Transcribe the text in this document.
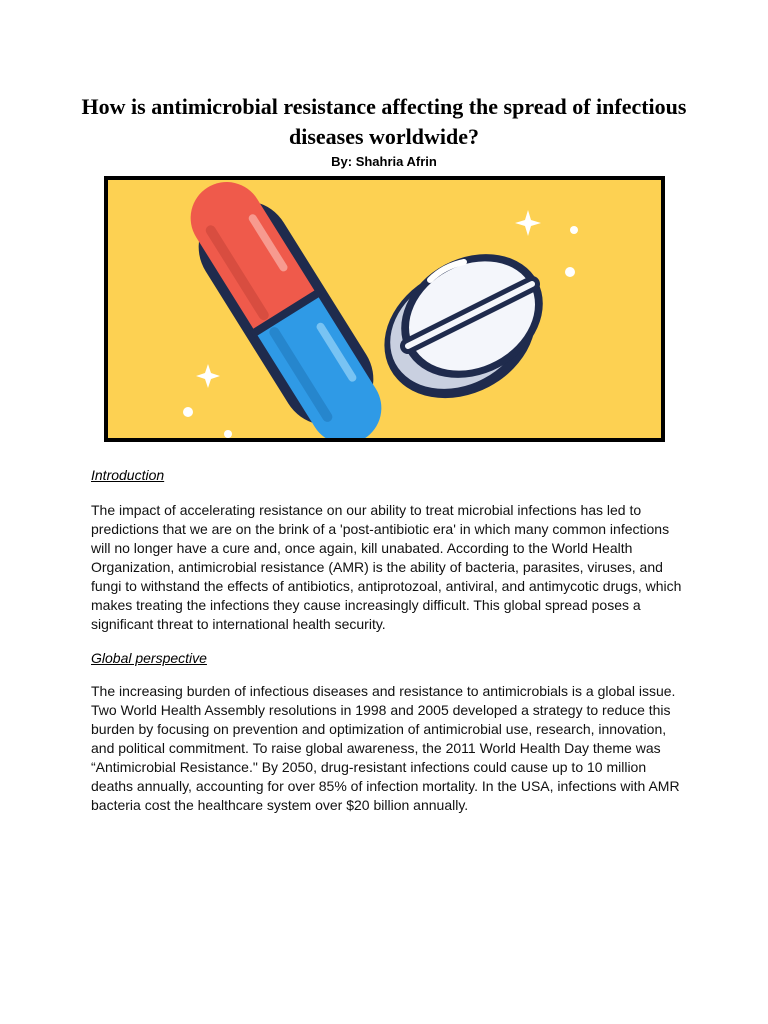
How is antimicrobial resistance affecting the spread of infectious diseases worldwide?
By: Shahria Afrin
Introduction

The impact of accelerating resistance on our ability to treat microbial infections has led to predictions that we are on the brink of a 'post-antibiotic era' in which many common infections will no longer have a cure and, once again, kill unabated. According to the World Health Organization, antimicrobial resistance (AMR) is the ability of bacteria, parasites, viruses, and fungi to withstand the effects of antibiotics, antiprotozoal, antiviral, and antimycotic drugs, which makes treating the infections they cause increasingly difficult. This global spread poses a significant threat to international health security.

Global perspective

The increasing burden of infectious diseases and resistance to antimicrobials is a global issue. Two World Health Assembly resolutions in 1998 and 2005 developed a strategy to reduce this burden by focusing on prevention and optimization of antimicrobial use, research, innovation, and political commitment. To raise global awareness, the 2011 World Health Day theme was “Antimicrobial Resistance." By 2050, drug-resistant infections could cause up to 10 million deaths annually, accounting for over 85% of infection mortality. In the USA, infections with AMR bacteria cost the healthcare system over $20 billion annually.
